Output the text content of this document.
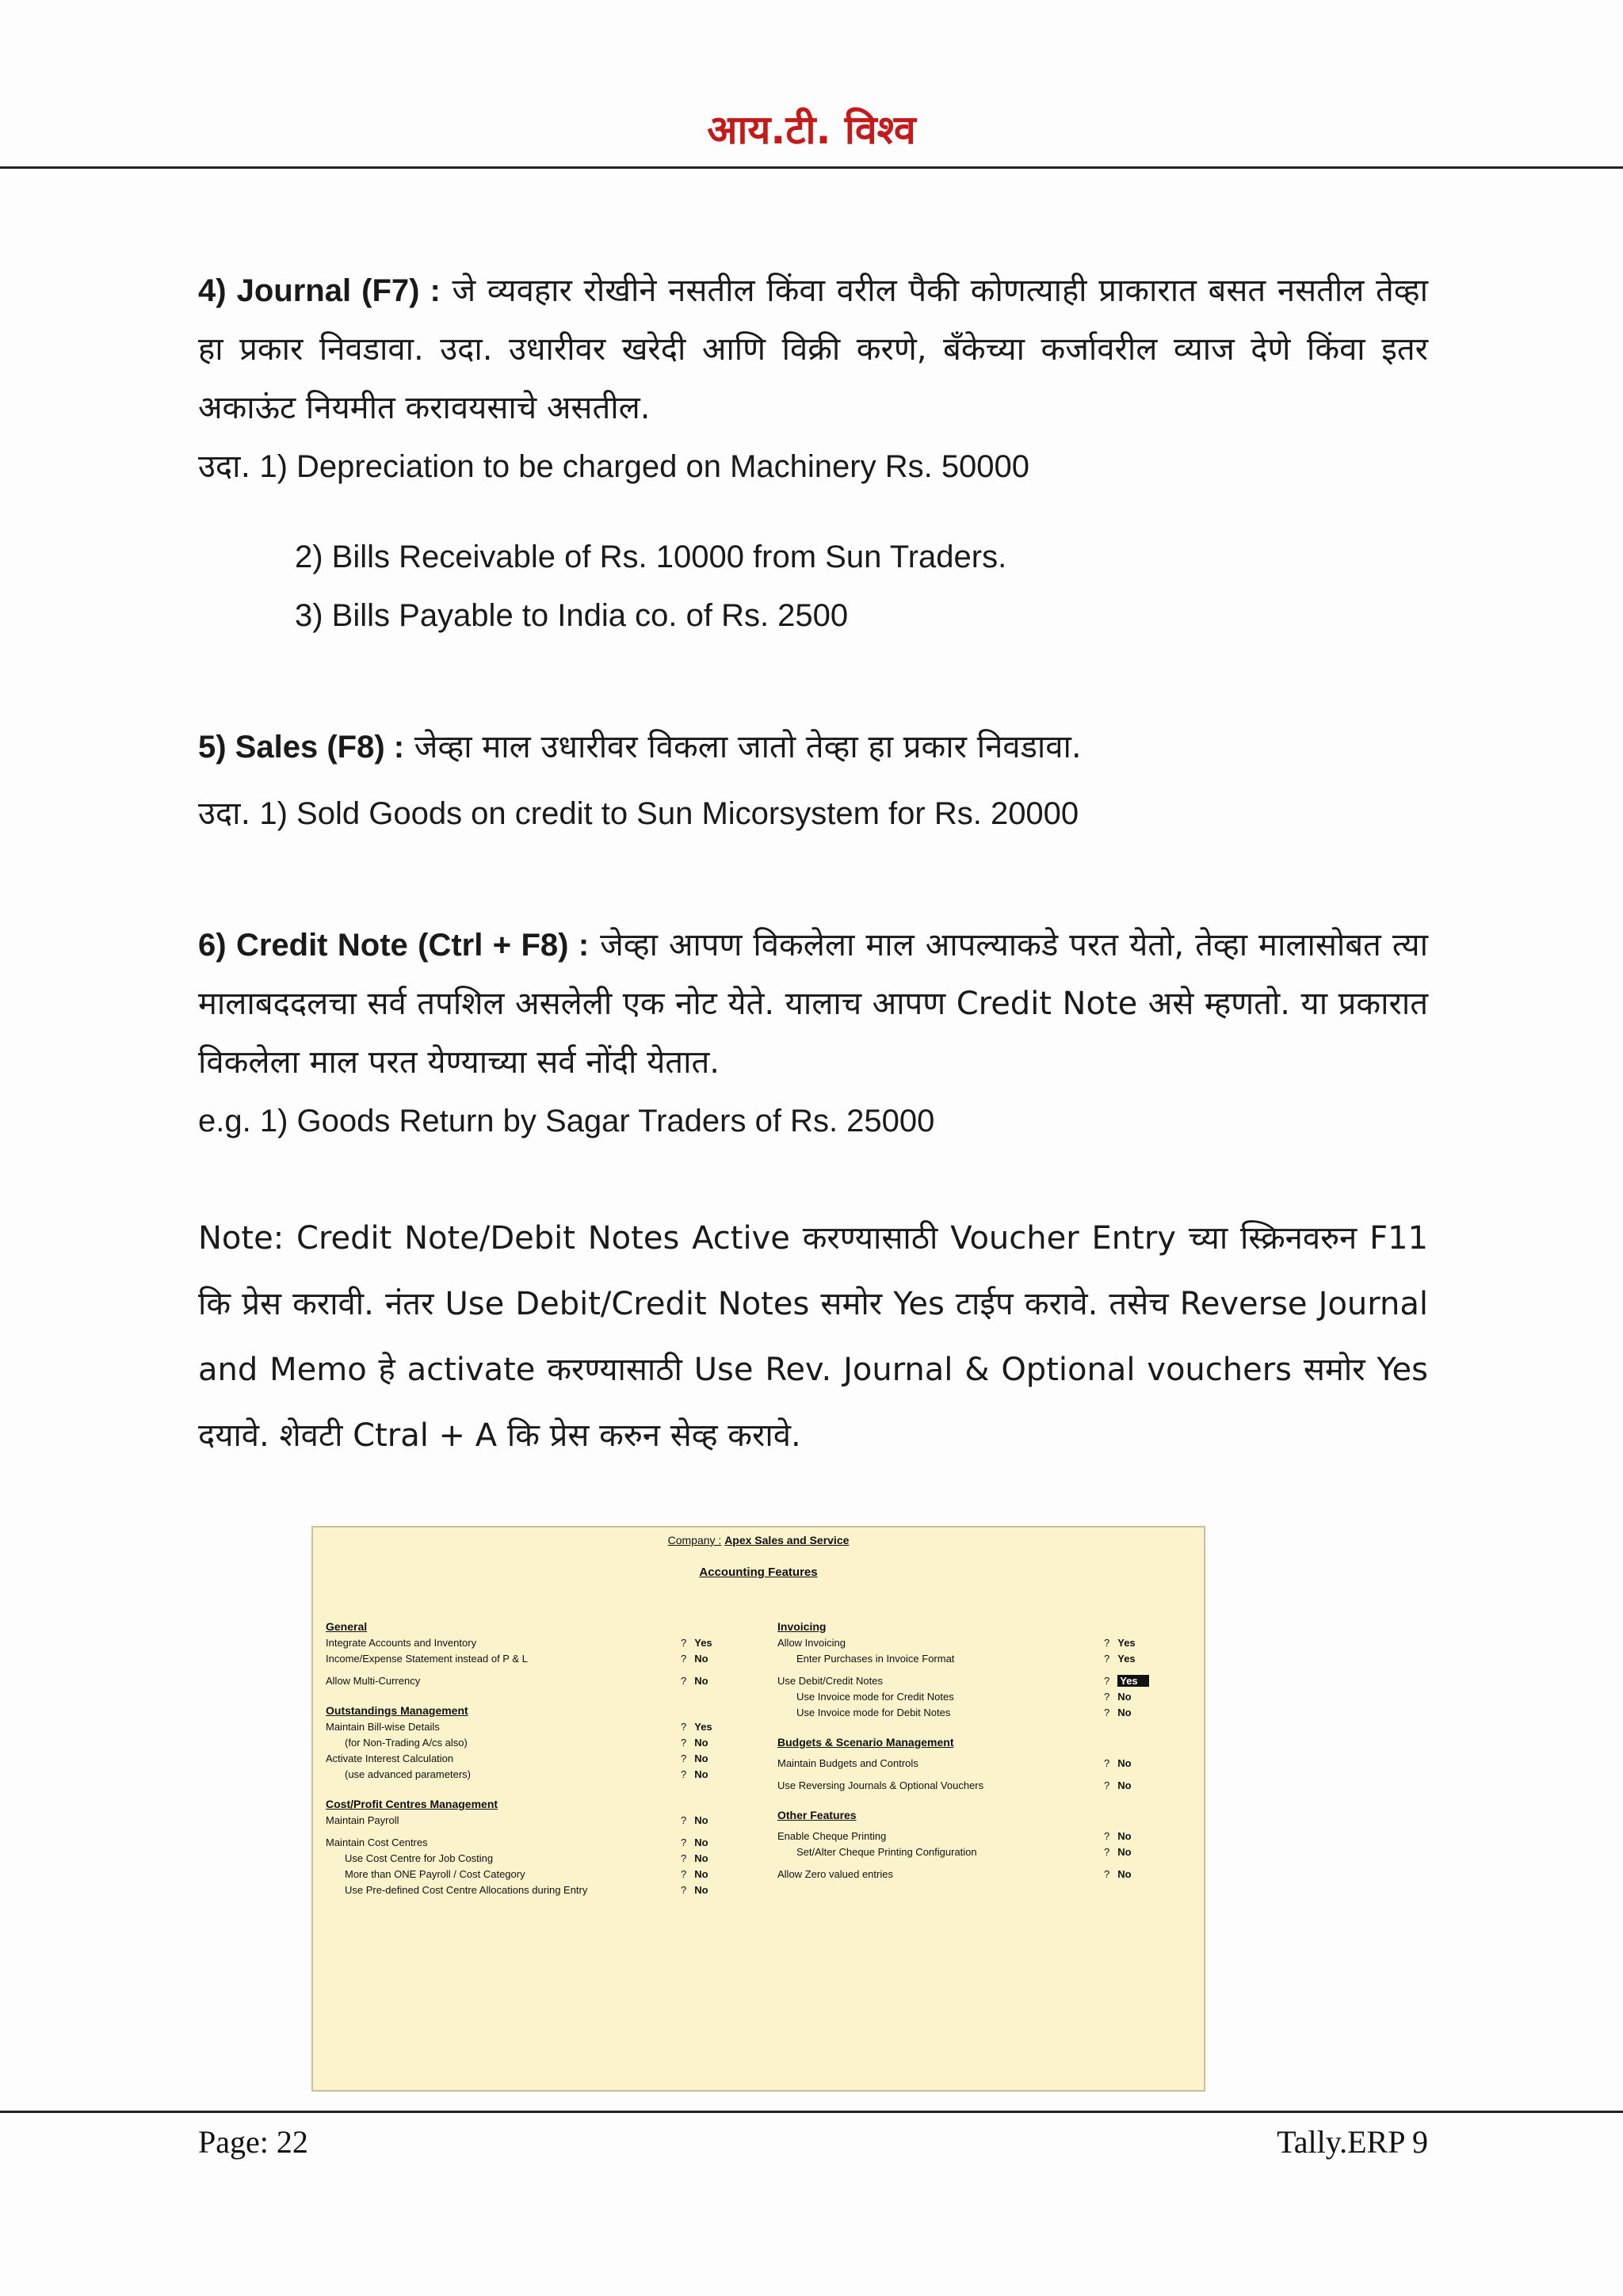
आय.टी. विश्व
4) Journal (F7) : जे व्यवहार रोखीने नसतील किंवा वरील पैकी कोणत्याही प्राकारात बसत नसतील तेव्हा हा प्रकार निवडावा. उदा. उधारीवर खरेदी आणि विक्री करणे, बँकेच्या कर्जावरील व्याज देणे किंवा इतर अकाऊंट नियमीत करावयसाचे असतील.
उदा. 1) Depreciation to be charged on Machinery Rs. 50000
2) Bills Receivable of Rs. 10000 from Sun Traders.
3) Bills Payable to India co. of Rs. 2500
5) Sales (F8) : जेव्हा माल उधारीवर विकला जातो तेव्हा हा प्रकार निवडावा.
उदा. 1) Sold Goods on credit to Sun Micorsystem for Rs. 20000
6) Credit Note (Ctrl + F8) : जेव्हा आपण विकलेला माल आपल्याकडे परत येतो, तेव्हा मालासोबत त्या मालाबददलचा सर्व तपशिल असलेली एक नोट येते. यालाच आपण Credit Note असे म्हणतो. या प्रकारात विकलेला माल परत येण्याच्या सर्व नोंदी येतात.
e.g. 1) Goods Return by Sagar Traders of Rs. 25000
Note: Credit Note/Debit Notes Active करण्यासाठी Voucher Entry च्या स्क्रिनवरुन F11 कि प्रेस करावी. नंतर Use Debit/Credit Notes समोर Yes टाईप करावे. तसेच Reverse Journal and Memo हे activate करण्यासाठी Use Rev. Journal & Optional vouchers समोर Yes दयावे. शेवटी Ctral + A कि प्रेस करुन सेव्ह करावे.
Company : Apex Sales and Service
Accounting Features
General
Integrate Accounts and Inventory	? Yes
Income/Expense Statement instead of P & L	? No
Allow Multi-Currency	? No
Outstandings Management
Maintain Bill-wise Details	? Yes
(for Non-Trading A/cs also)	? No
Activate Interest Calculation	? No
(use advanced parameters)	? No
Cost/Profit Centres Management
Maintain Payroll	? No
Maintain Cost Centres	? No
Use Cost Centre for Job Costing	? No
More than ONE Payroll / Cost Category	? No
Use Pre-defined Cost Centre Allocations during Entry	? No
Invoicing
Allow Invoicing	? Yes
Enter Purchases in Invoice Format	? Yes
Use Debit/Credit Notes	? Yes
Use Invoice mode for Credit Notes	? No
Use Invoice mode for Debit Notes	? No
Budgets & Scenario Management
Maintain Budgets and Controls	? No
Use Reversing Journals & Optional Vouchers	? No
Other Features
Enable Cheque Printing	? No
Set/Alter Cheque Printing Configuration	? No
Allow Zero valued entries	? No
Page: 22	Tally.ERP 9
